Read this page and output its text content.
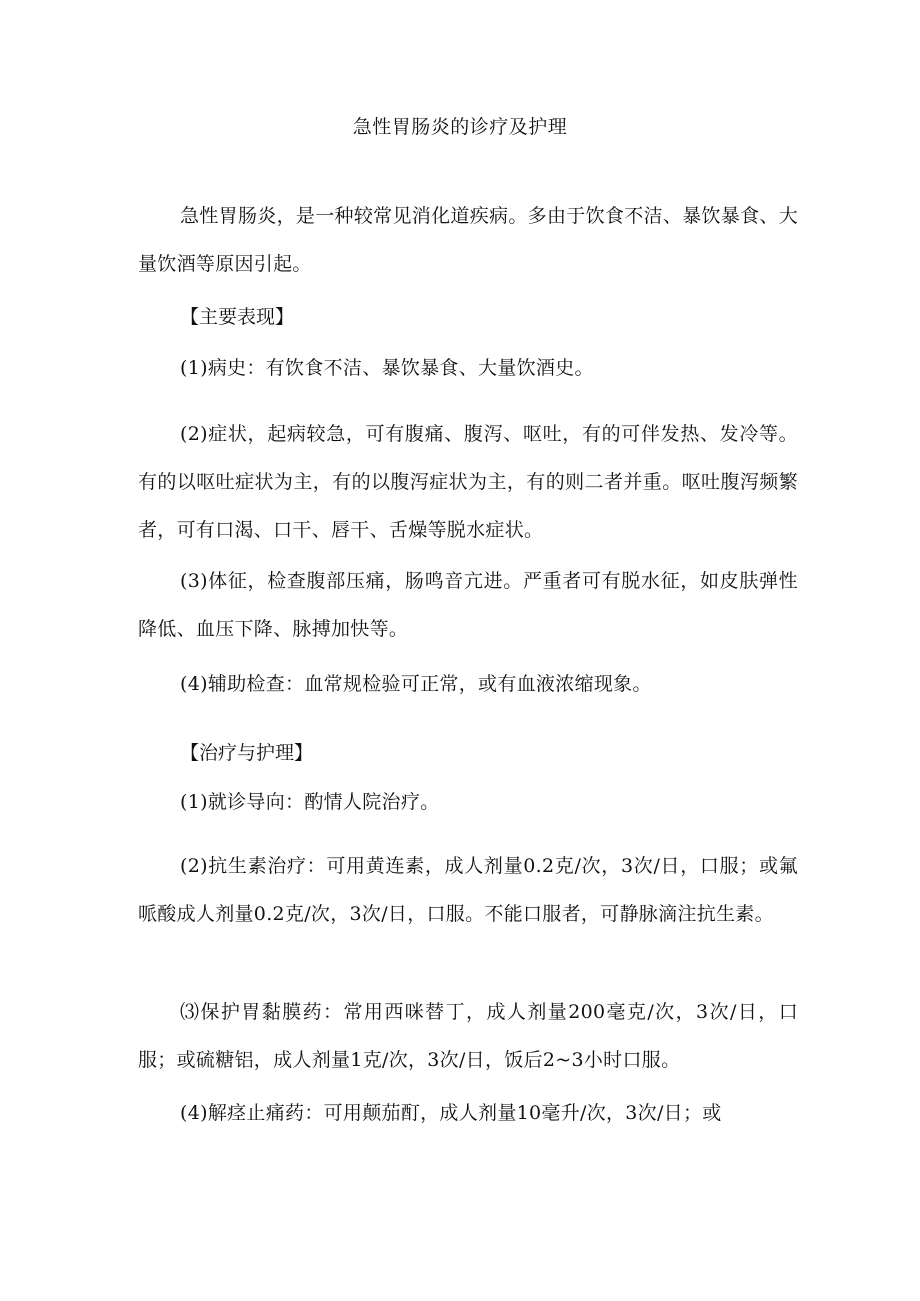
急性胃肠炎的诊疗及护理
急性胃肠炎，是一种较常见消化道疾病。多由于饮食不洁、暴饮暴食、大量饮酒等原因引起。
【主要表现】
(1)病史：有饮食不洁、暴饮暴食、大量饮酒史。
(2)症状，起病较急，可有腹痛、腹泻、呕吐，有的可伴发热、发冷等。有的以呕吐症状为主，有的以腹泻症状为主，有的则二者并重。呕吐腹泻频繁者，可有口渴、口干、唇干、舌燥等脱水症状。
(3)体征，检查腹部压痛，肠鸣音亢进。严重者可有脱水征，如皮肤弹性降低、血压下降、脉搏加快等。
(4)辅助检查：血常规检验可正常，或有血液浓缩现象。
【治疗与护理】
(1)就诊导向：酌情人院治疗。
(2)抗生素治疗：可用黄连素，成人剂量0.2克/次，3次/日，口服；或氟哌酸成人剂量0.2克/次，3次/日，口服。不能口服者，可静脉滴注抗生素。
⑶保护胃黏膜药：常用西咪替丁，成人剂量200毫克/次，3次/日，口服；或硫糖铝，成人剂量1克/次，3次/日，饭后2~3小时口服。
(4)解痉止痛药：可用颠茄酊，成人剂量10毫升/次，3次/日；或
